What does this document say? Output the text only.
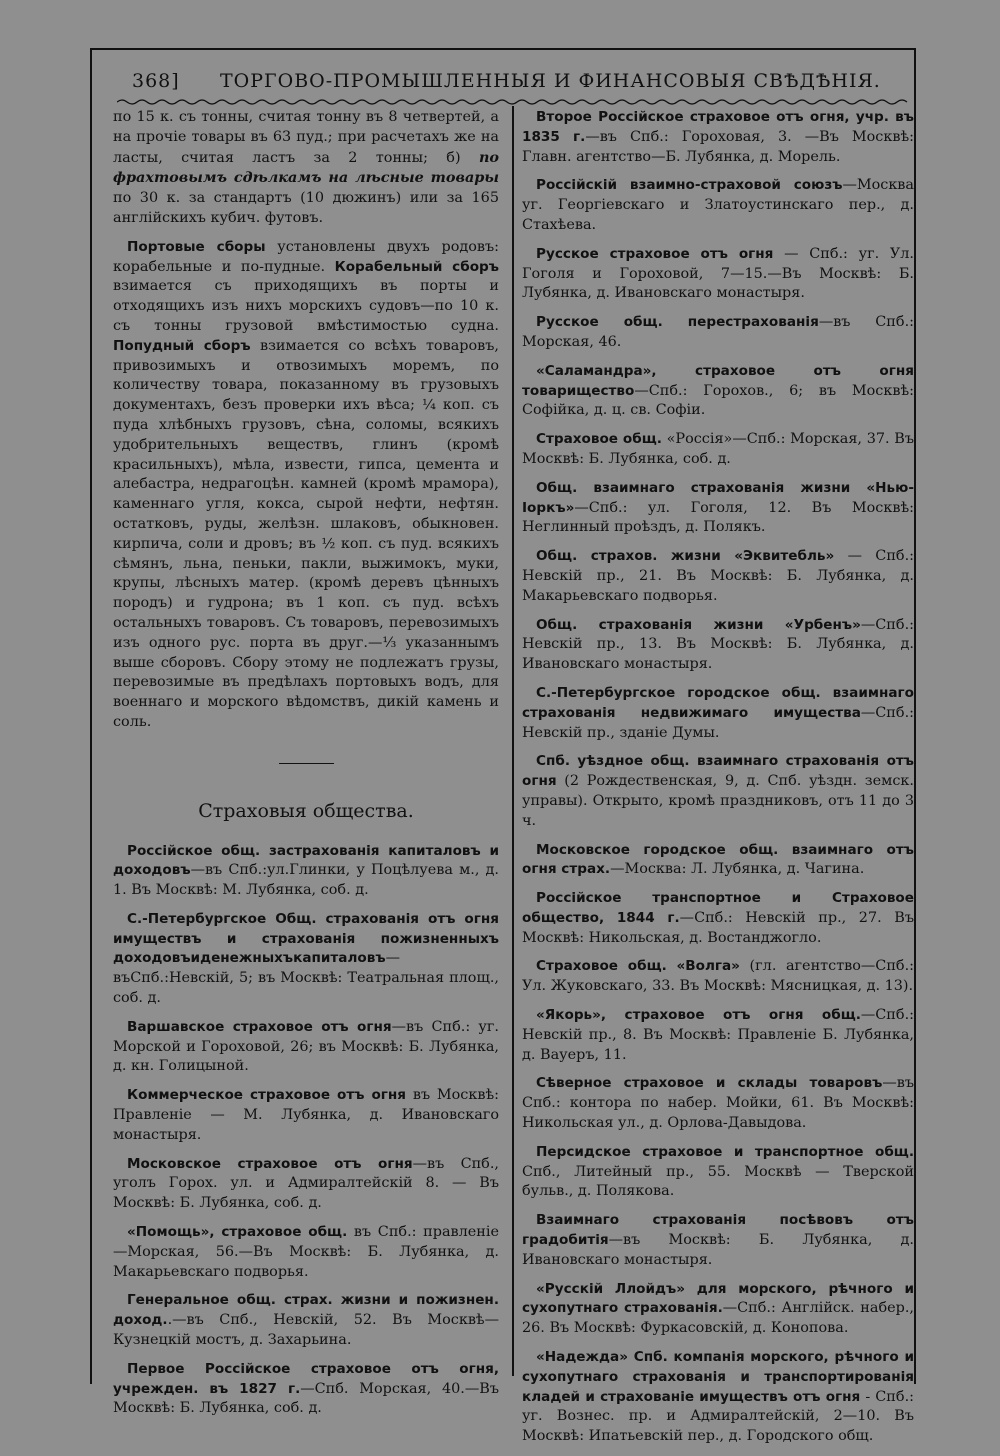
368] ТОРГОВО-ПРОМЫШЛЕННЫЯ И ФИНАНСОВЫЯ СВѢДѢНІЯ.

по 15 к. съ тонны, считая тонну въ 8 четвертей, а на прочіе товары въ 63 пуд.; при расчетахъ же на ласты, считая ластъ за 2 тонны; б) по фрахтовымъ сдѣлкамъ на лѣсные товары по 30 к. за стандартъ (10 дюжинъ) или за 165 англійскихъ кубич. футовъ.

Портовые сборы установлены двухъ родовъ: корабельные и по-пудные. Корабельный сборъ взимается съ приходящихъ въ порты и отходящихъ изъ нихъ морскихъ судовъ—по 10 к. съ тонны грузовой вмѣстимостью судна. Попудный сборъ взимается со всѣхъ товаровъ, привозимыхъ и отвозимыхъ моремъ, по количеству товара, показанному въ грузовыхъ документахъ, безъ проверки ихъ вѣса; ¼ коп. съ пуда хлѣбныхъ грузовъ, сѣна, соломы, всякихъ удобрительныхъ веществъ, глинъ (кромѣ красильныхъ), мѣла, извести, гипса, цемента и алебастра, недрагоцѣн. камней (кромѣ мрамора), каменнаго угля, кокса, сырой нефти, нефтян. остатковъ, руды, желѣзн. шлаковъ, обыкновен. кирпича, соли и дровъ; въ ½ коп. съ пуд. всякихъ сѣмянъ, льна, пеньки, пакли, выжимокъ, муки, крупы, лѣсныхъ матер. (кромѣ деревъ цѣнныхъ породъ) и гудрона; въ 1 коп. съ пуд. всѣхъ остальныхъ товаровъ. Съ товаровъ, перевозимыхъ изъ одного рус. порта въ друг.—⅓ указаннымъ выше сборовъ. Сбору этому не подлежатъ грузы, перевозимые въ предѣлахъ портовыхъ водъ, для военнаго и морского вѣдомствъ, дикій камень и соль.

Страховыя общества.

Россійское общ. застрахованія капиталовъ и доходовъ—въ Спб.:ул.Глинки, у Поцѣлуева м., д. 1. Въ Москвѣ: М. Лубянка, соб. д.

С.-Петербургское Общ. страхованія отъ огня имуществъ и страхованія пожизненныхъ доходовъиденежныхъкапиталовъ—въСпб.:Невскій, 5; въ Москвѣ: Театральная площ., соб. д.

Варшавское страховое отъ огня—въ Спб.: уг. Морской и Гороховой, 26; въ Москвѣ: Б. Лубянка, д. кн. Голицыной.

Коммерческое страховое отъ огня въ Москвѣ: Правленіе — М. Лубянка, д. Ивановскаго монастыря.

Московское страховое отъ огня—въ Спб., уголъ Горох. ул. и Адмиралтейскій 8. — Въ Москвѣ: Б. Лубянка, соб. д.

«Помощь», страховое общ. въ Спб.: правленіе—Морская, 56.—Въ Москвѣ: Б. Лубянка, д. Макарьевскаго подворья.

Генеральное общ. страх. жизни и пожизнен. доход..—въ Спб., Невскій, 52. Въ Москвѣ—Кузнецкій мостъ, д. Захарьина.

Первое Россійское страховое отъ огня, учрежден. въ 1827 г.—Спб. Морская, 40.—Въ Москвѣ: Б. Лубянка, соб. д.

Второе Россійское страховое отъ огня, учр. въ 1835 г.—въ Спб.: Гороховая, 3. —Въ Москвѣ: Главн. агентство—Б. Лубянка, д. Морель.

Россійскій взаимно-страховой союзъ—Москва уг. Георгіевскаго и Златоустинскаго пер., д. Стахѣева.

Русское страховое отъ огня — Спб.: уг. Ул. Гоголя и Гороховой, 7—15.—Въ Москвѣ: Б. Лубянка, д. Ивановскаго монастыря.

Русское общ. перестрахованія—въ Спб.: Морская, 46.

«Саламандра», страховое отъ огня товарищество—Спб.: Горохов., 6; въ Москвѣ: Софійка, д. ц. св. Софіи.

Страховое общ. «Россія»—Спб.: Морская, 37. Въ Москвѣ: Б. Лубянка, соб. д.

Общ. взаимнаго страхованія жизни «Нью-Іоркъ»—Спб.: ул. Гоголя, 12. Въ Москвѣ: Неглинный проѣздъ, д. Полякъ.

Общ. страхов. жизни «Эквитебль» — Спб.: Невскій пр., 21. Въ Москвѣ: Б. Лубянка, д. Макарьевскаго подворья.

Общ. страхованія жизни «Урбенъ»—Спб.: Невскій пр., 13. Въ Москвѣ: Б. Лубянка, д. Ивановскаго монастыря.

С.-Петербургское городское общ. взаимнаго страхованія недвижимаго имущества—Спб.: Невскій пр., зданіе Думы.

Спб. уѣздное общ. взаимнаго страхованія отъ огня (2 Рождественская, 9, д. Спб. уѣздн. земск. управы). Открыто, кромѣ праздниковъ, отъ 11 до 3 ч.

Московское городское общ. взаимнаго отъ огня страх.—Москва: Л. Лубянка, д. Чагина.

Россійское транспортное и Страховое общество, 1844 г.—Спб.: Невскій пр., 27. Въ Москвѣ: Никольская, д. Востанджогло.

Страховое общ. «Волга» (гл. агентство—Спб.: Ул. Жуковскаго, 33. Въ Москвѣ: Мясницкая, д. 13).

«Якорь», страховое отъ огня общ.—Спб.: Невскій пр., 8. Въ Москвѣ: Правленіе Б. Лубянка, д. Вауеръ, 11.

Сѣверное страховое и склады товаровъ—въ Спб.: контора по набер. Мойки, 61. Въ Москвѣ: Никольская ул., д. Орлова-Давыдова.

Персидское страховое и транспортное общ. Спб., Литейный пр., 55. Москвѣ — Тверской бульв., д. Полякова.

Взаимнаго страхованія посѣвовъ отъ градобитія—въ Москвѣ: Б. Лубянка, д. Ивановскаго монастыря.

«Русскій Ллойдъ» для морского, рѣчного и сухопутнаго страхованія.—Спб.: Англійск. набер., 26. Въ Москвѣ: Фуркасовскій, д. Конопова.

«Надежда» Спб. компанія морского, рѣчного и сухопутнаго страхованія и транспортированія кладей и страхованіе имуществъ отъ огня - Спб.: уг. Вознес. пр. и Адмиралтейскій, 2—10. Въ Москвѣ: Ипатьевскій пер., д. Городского общ.
